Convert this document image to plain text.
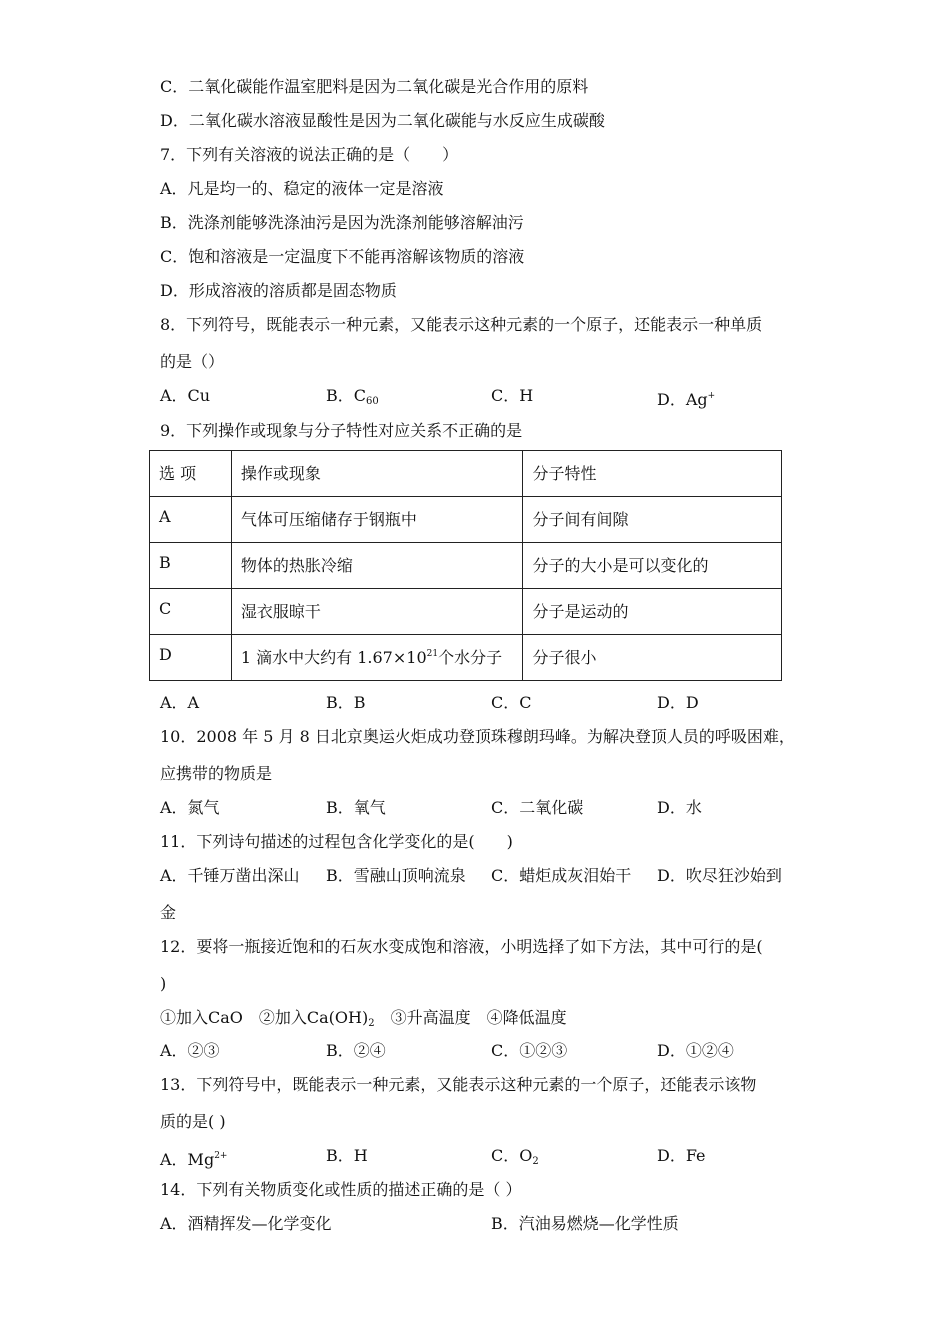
C．二氧化碳能作温室肥料是因为二氧化碳是光合作用的原料
D．二氧化碳水溶液显酸性是因为二氧化碳能与水反应生成碳酸
7．下列有关溶液的说法正确的是（　　）
A．凡是均一的、稳定的液体一定是溶液
B．洗涤剂能够洗涤油污是因为洗涤剂能够溶解油污
C．饱和溶液是一定温度下不能再溶解该物质的溶液
D．形成溶液的溶质都是固态物质
8．下列符号，既能表示一种元素，又能表示这种元素的一个原子，还能表示一种单质
的是（）
A．Cu	B．$C_{60}$	C．H	D．Ag+
9．下列操作或现象与分子特性对应关系不正确的是
选 项	操作或现象	分子特性
A	气体可压缩储存于钢瓶中	分子间有间隙
B	物体的热胀冷缩	分子的大小是可以变化的
C	湿衣服晾干	分子是运动的
D	1 滴水中大约有 $1.67\times 10^{21}$个水分子	分子很小
A．A	B．B	C．C	D．D
10．2008 年 5 月 8 日北京奥运火炬成功登顶珠穆朗玛峰。为解决登顶人员的呼吸困难，
应携带的物质是
A．氮气	B．氧气	C．二氧化碳	D．水
11．下列诗句描述的过程包含化学变化的是(　　)
A．千锤万凿出深山 B．雪融山顶响流泉 C．蜡炬成灰泪始干 D．吹尽狂沙始到
金
12．要将一瓶接近饱和的石灰水变成饱和溶液，小明选择了如下方法，其中可行的是(
)
①加入CaO　②加入$Ca(OH)_2$　③升高温度　④降低温度
A．②③	B．②④	C．①②③	D．①②④
13．下列符号中，既能表示一种元素，又能表示这种元素的一个原子，还能表示该物
质的是( )
A．$Mg^{2+}$	B．H	C．$O_2$	D．Fe
14．下列有关物质变化或性质的描述正确的是（ ）
A．酒精挥发—化学变化	B．汽油易燃烧—化学性质
